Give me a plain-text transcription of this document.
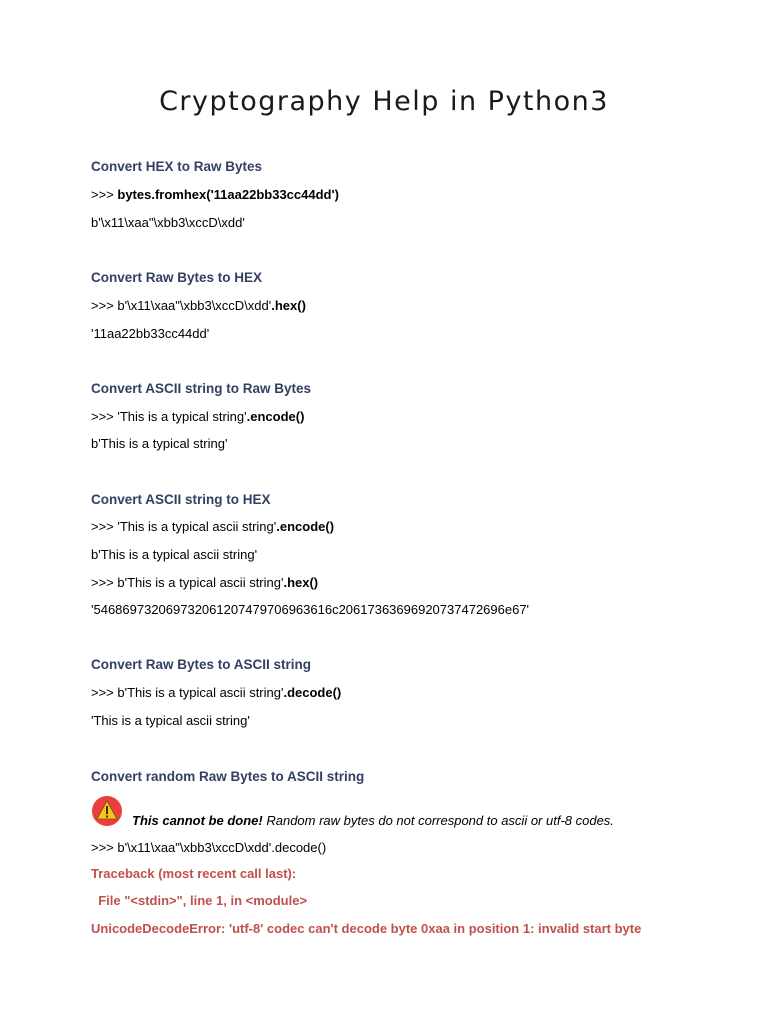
Cryptography Help in Python3
Convert HEX to Raw Bytes
>>> bytes.fromhex('11aa22bb33cc44dd')
b'\x11\xaa"\xbb3\xccD\xdd'
Convert Raw Bytes to HEX
>>> b'\x11\xaa"\xbb3\xccD\xdd'.hex()
'11aa22bb33cc44dd'
Convert ASCII string to Raw Bytes
>>> 'This is a typical string'.encode()
b'This is a typical string'
Convert ASCII string to HEX
>>> 'This is a typical ascii string'.encode()
b'This is a typical ascii string'
>>> b'This is a typical ascii string'.hex()
'546869732069732061207479706963616c20617363696920737472696e67'
Convert Raw Bytes to ASCII string
>>> b'This is a typical ascii string'.decode()
'This is a typical ascii string'
Convert random Raw Bytes to ASCII string
This cannot be done! Random raw bytes do not correspond to ascii or utf-8 codes.
>>> b'\x11\xaa"\xbb3\xccD\xdd'.decode()
Traceback (most recent call last):
File "<stdin>", line 1, in <module>
UnicodeDecodeError: 'utf-8' codec can't decode byte 0xaa in position 1: invalid start byte
